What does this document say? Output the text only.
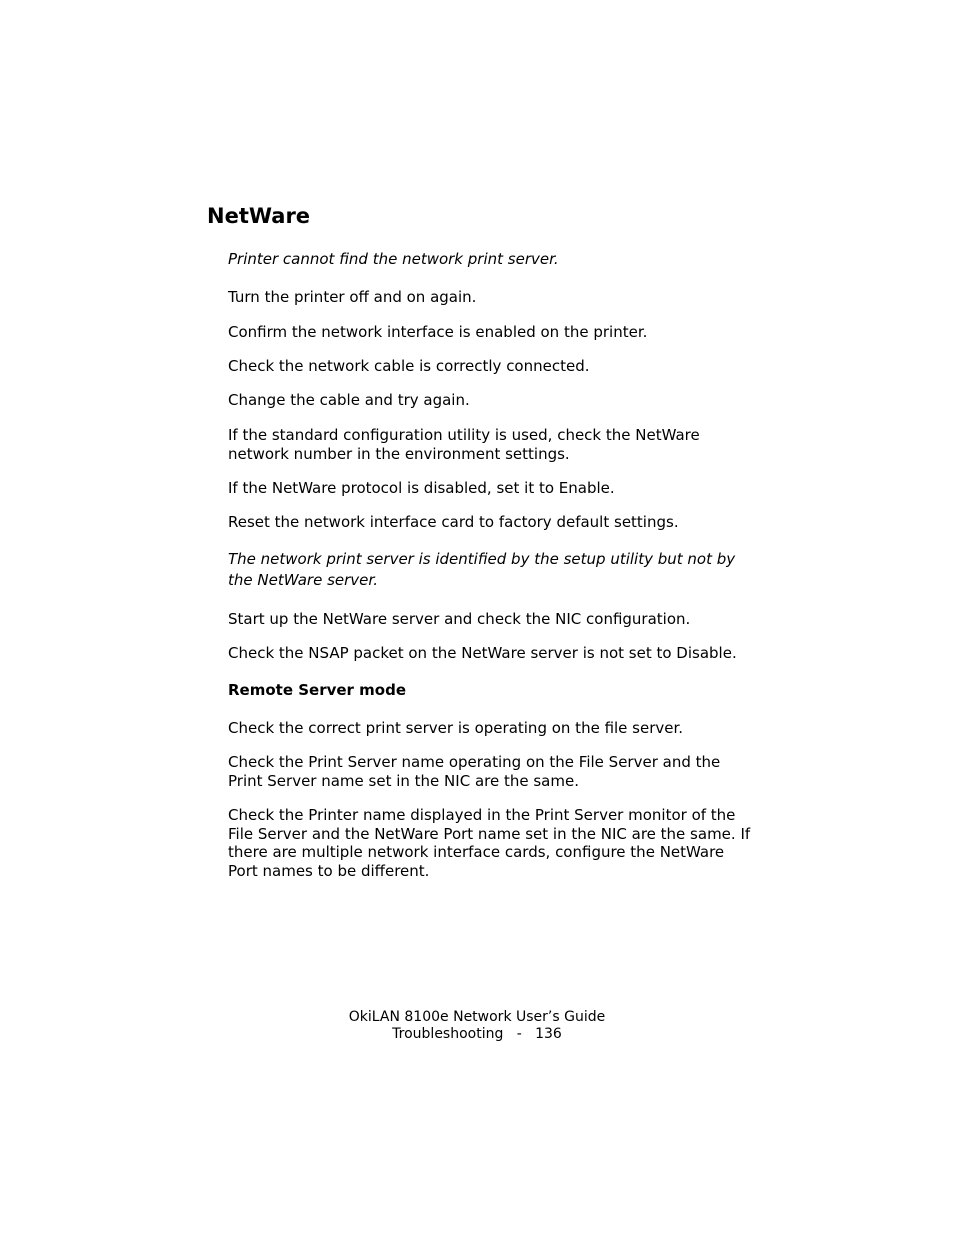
NetWare

Printer cannot find the network print server.

Turn the printer off and on again.

Confirm the network interface is enabled on the printer.

Check the network cable is correctly connected.

Change the cable and try again.

If the standard configuration utility is used, check the NetWare network number in the environment settings.

If the NetWare protocol is disabled, set it to Enable.

Reset the network interface card to factory default settings.

The network print server is identified by the setup utility but not by the NetWare server.

Start up the NetWare server and check the NIC configuration.

Check the NSAP packet on the NetWare server is not set to Disable.

Remote Server mode

Check the correct print server is operating on the file server.

Check the Print Server name operating on the File Server and the Print Server name set in the NIC are the same.

Check the Printer name displayed in the Print Server monitor of the File Server and the NetWare Port name set in the NIC are the same. If there are multiple network interface cards, configure the NetWare Port names to be different.

OkiLAN 8100e Network User’s Guide
Troubleshooting   -   136
